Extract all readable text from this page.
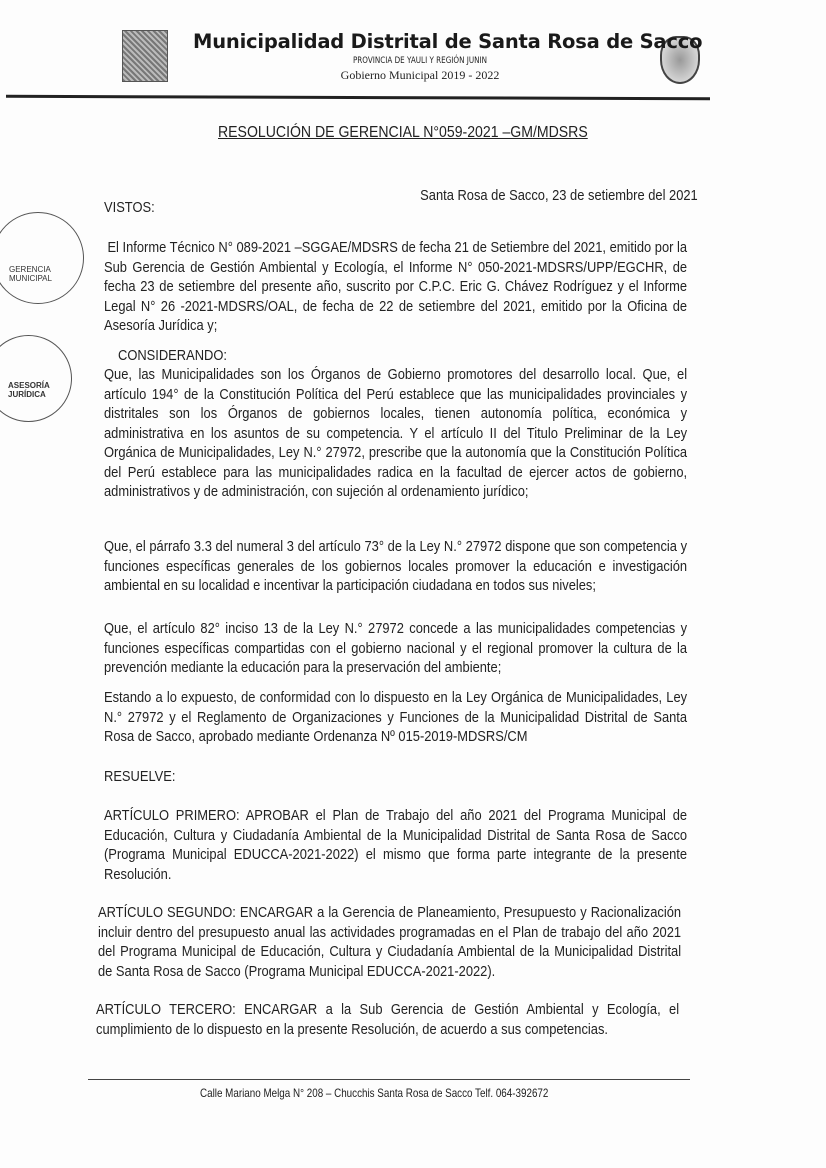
Municipalidad Distrital de Santa Rosa de Sacco
PROVINCIA DE YAULI Y REGIÓN JUNIN
Gobierno Municipal 2019 - 2022
RESOLUCIÓN DE GERENCIAL N°059-2021 –GM/MDSRS
Santa Rosa de Sacco, 23 de setiembre del 2021
GERENCIA MUNICIPAL
ASESORÍA JURÍDICA
VISTOS:
El Informe Técnico N° 089-2021 –SGGAE/MDSRS de fecha 21 de Setiembre del 2021, emitido por la Sub Gerencia de Gestión Ambiental y Ecología, el Informe N° 050-2021-MDSRS/UPP/EGCHR, de fecha 23 de setiembre del presente año, suscrito por C.P.C. Eric G. Chávez Rodríguez y el Informe Legal N° 26 -2021-MDSRS/OAL, de fecha de 22 de setiembre del 2021, emitido por la Oficina de Asesoría Jurídica y;
CONSIDERANDO:
Que, las Municipalidades son los Órganos de Gobierno promotores del desarrollo local. Que, el artículo 194° de la Constitución Política del Perú establece que las municipalidades provinciales y distritales son los Órganos de gobiernos locales, tienen autonomía política, económica y administrativa en los asuntos de su competencia. Y el artículo II del Titulo Preliminar de la Ley Orgánica de Municipalidades, Ley N.° 27972, prescribe que la autonomía que la Constitución Política del Perú establece para las municipalidades radica en la facultad de ejercer actos de gobierno, administrativos y de administración, con sujeción al ordenamiento jurídico;
Que, el párrafo 3.3 del numeral 3 del artículo 73° de la Ley N.° 27972 dispone que son competencia y funciones específicas generales de los gobiernos locales promover la educación e investigación ambiental en su localidad e incentivar la participación ciudadana en todos sus niveles;
Que, el artículo 82° inciso 13 de la Ley N.° 27972 concede a las municipalidades competencias y funciones específicas compartidas con el gobierno nacional y el regional promover la cultura de la prevención mediante la educación para la preservación del ambiente;
Estando a lo expuesto, de conformidad con lo dispuesto en la Ley Orgánica de Municipalidades, Ley N.° 27972 y el Reglamento de Organizaciones y Funciones de la Municipalidad Distrital de Santa Rosa de Sacco, aprobado mediante Ordenanza Nº 015-2019-MDSRS/CM
RESUELVE:
ARTÍCULO PRIMERO: APROBAR el Plan de Trabajo del año 2021 del Programa Municipal de Educación, Cultura y Ciudadanía Ambiental de la Municipalidad Distrital de Santa Rosa de Sacco (Programa Municipal EDUCCA-2021-2022) el mismo que forma parte integrante de la presente Resolución.
ARTÍCULO SEGUNDO: ENCARGAR a la Gerencia de Planeamiento, Presupuesto y Racionalización incluir dentro del presupuesto anual las actividades programadas en el Plan de trabajo del año 2021 del Programa Municipal de Educación, Cultura y Ciudadanía Ambiental de la Municipalidad Distrital de Santa Rosa de Sacco (Programa Municipal EDUCCA-2021-2022).
ARTÍCULO TERCERO: ENCARGAR a la Sub Gerencia de Gestión Ambiental y Ecología, el cumplimiento de lo dispuesto en la presente Resolución, de acuerdo a sus competencias.
Calle Mariano Melga N° 208 – Chucchis Santa Rosa de Sacco Telf. 064-392672
